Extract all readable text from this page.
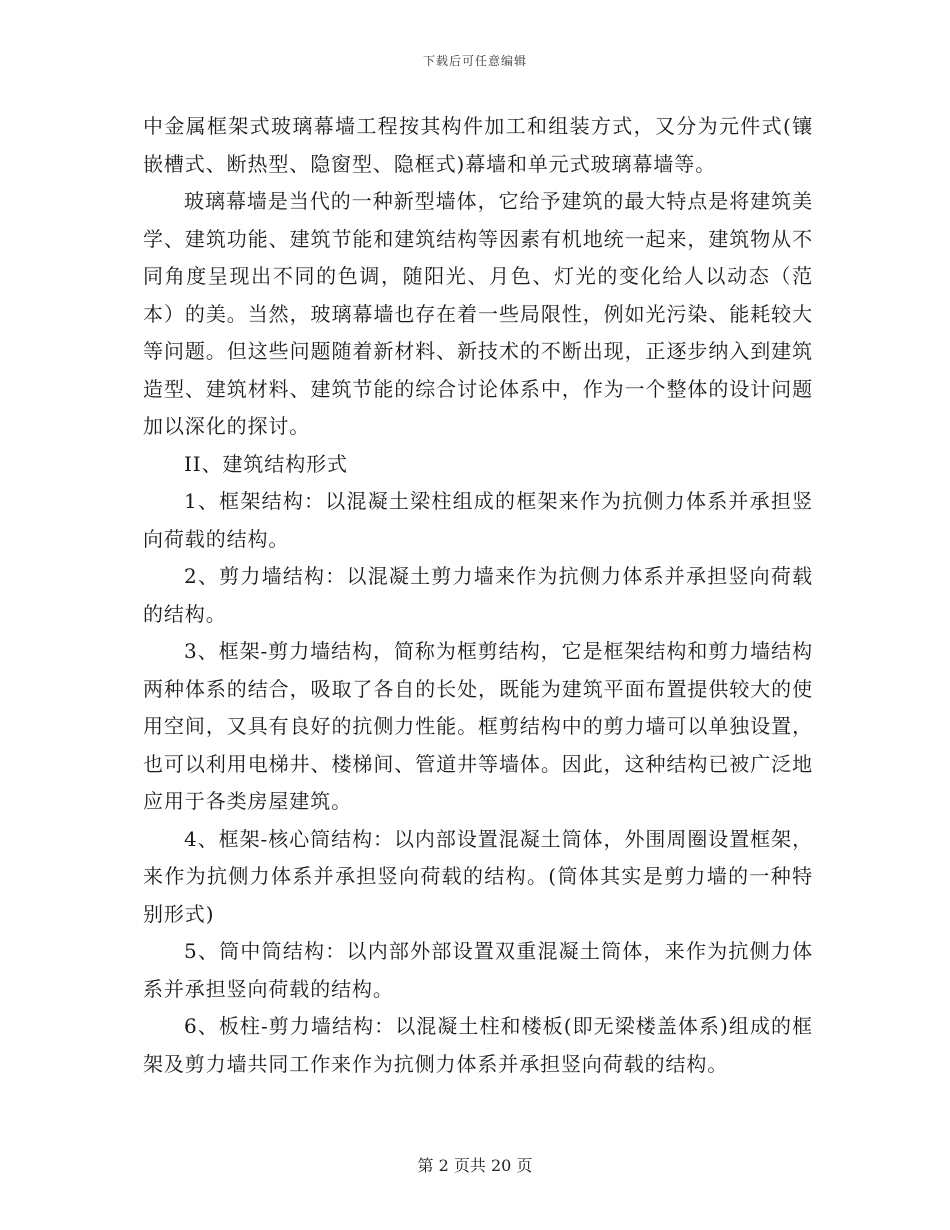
下载后可任意编辑

中金属框架式玻璃幕墙工程按其构件加工和组装方式，又分为元件式(镶嵌槽式、断热型、隐窗型、隐框式)幕墙和单元式玻璃幕墙等。

玻璃幕墙是当代的一种新型墙体，它给予建筑的最大特点是将建筑美学、建筑功能、建筑节能和建筑结构等因素有机地统一起来，建筑物从不同角度呈现出不同的色调，随阳光、月色、灯光的变化给人以动态（范本）的美。当然，玻璃幕墙也存在着一些局限性，例如光污染、能耗较大等问题。但这些问题随着新材料、新技术的不断出现，正逐步纳入到建筑造型、建筑材料、建筑节能的综合讨论体系中，作为一个整体的设计问题加以深化的探讨。

II、建筑结构形式

1、框架结构：以混凝土梁柱组成的框架来作为抗侧力体系并承担竖向荷载的结构。

2、剪力墙结构：以混凝土剪力墙来作为抗侧力体系并承担竖向荷载的结构。

3、框架-剪力墙结构，简称为框剪结构，它是框架结构和剪力墙结构两种体系的结合，吸取了各自的长处，既能为建筑平面布置提供较大的使用空间，又具有良好的抗侧力性能。框剪结构中的剪力墙可以单独设置，也可以利用电梯井、楼梯间、管道井等墙体。因此，这种结构已被广泛地应用于各类房屋建筑。

4、框架-核心筒结构：以内部设置混凝土筒体，外围周圈设置框架，来作为抗侧力体系并承担竖向荷载的结构。(筒体其实是剪力墙的一种特别形式)

5、筒中筒结构：以内部外部设置双重混凝土筒体，来作为抗侧力体系并承担竖向荷载的结构。

6、板柱-剪力墙结构：以混凝土柱和楼板(即无梁楼盖体系)组成的框架及剪力墙共同工作来作为抗侧力体系并承担竖向荷载的结构。

第 2 页共 20 页
